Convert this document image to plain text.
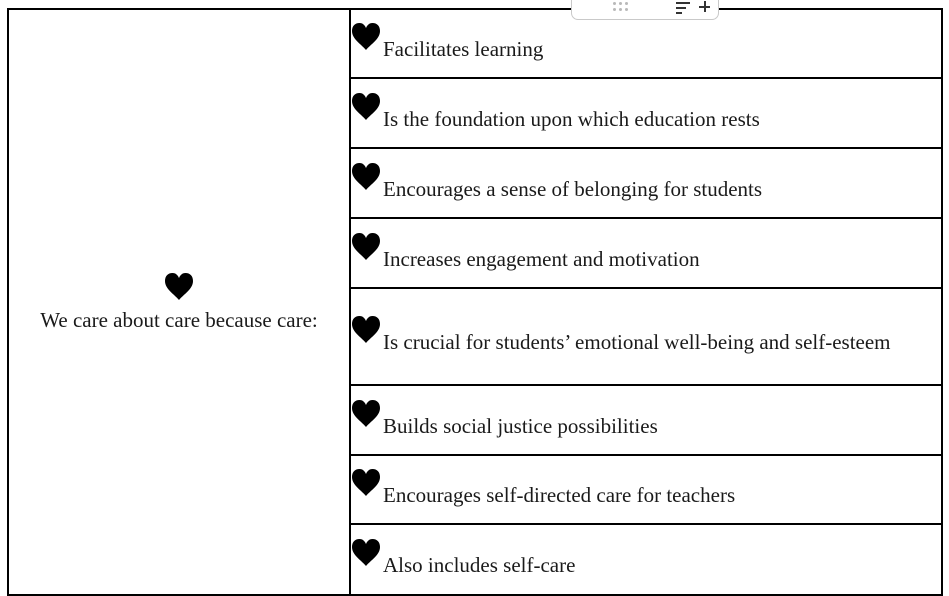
We care about care because care:	
Facilitates learning

Is the foundation upon which education rests

Encourages a sense of belonging for students

Increases engagement and motivation

Is crucial for students’ emotional well-being and self-esteem

Builds social justice possibilities

Encourages self-directed care for teachers

Also includes self-care
